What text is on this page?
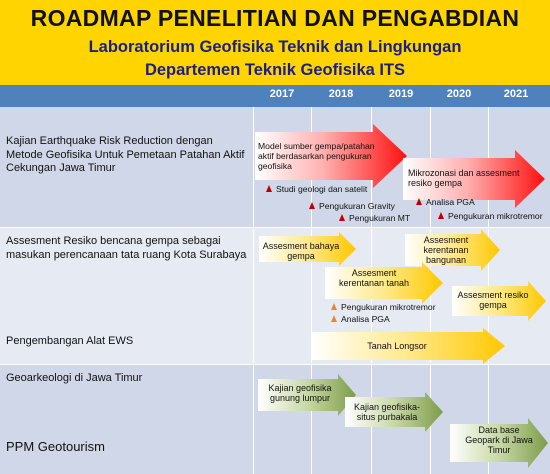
ROADMAP PENELITIAN DAN PENGABDIAN
Laboratorium Geofisika Teknik dan Lingkungan
Departemen Teknik Geofisika ITS
2017	2018	2019	2020	2021
Kajian Earthquake Risk Reduction dengan Metode Geofisika Untuk Pemetaan Patahan Aktif Cekungan Jawa Timur
Assesment Resiko bencana gempa sebagai masukan perencanaan tata ruang Kota Surabaya
Pengembangan Alat EWS
Geoarkeologi di Jawa Timur
PPM Geotourism
Model sumber gempa/patahan aktif berdasarkan pengukuran geofisika
Mikrozonasi dan assesment resiko gempa
Studi geologi dan satelit
Pengukuran Gravity
Pengukuran MT
Analisa PGA
Pengukuran mikrotremor
Assesment bahaya gempa
Assesment kerentanan bangunan
Assesment kerentanan tanah
Assesment resiko gempa
Pengukuran mikrotremor
Analisa PGA
Tanah Longsor
Kajian geofisika gunung lumpur
Kajian geofisika-situs purbakala
Data base Geopark di Jawa Timur
